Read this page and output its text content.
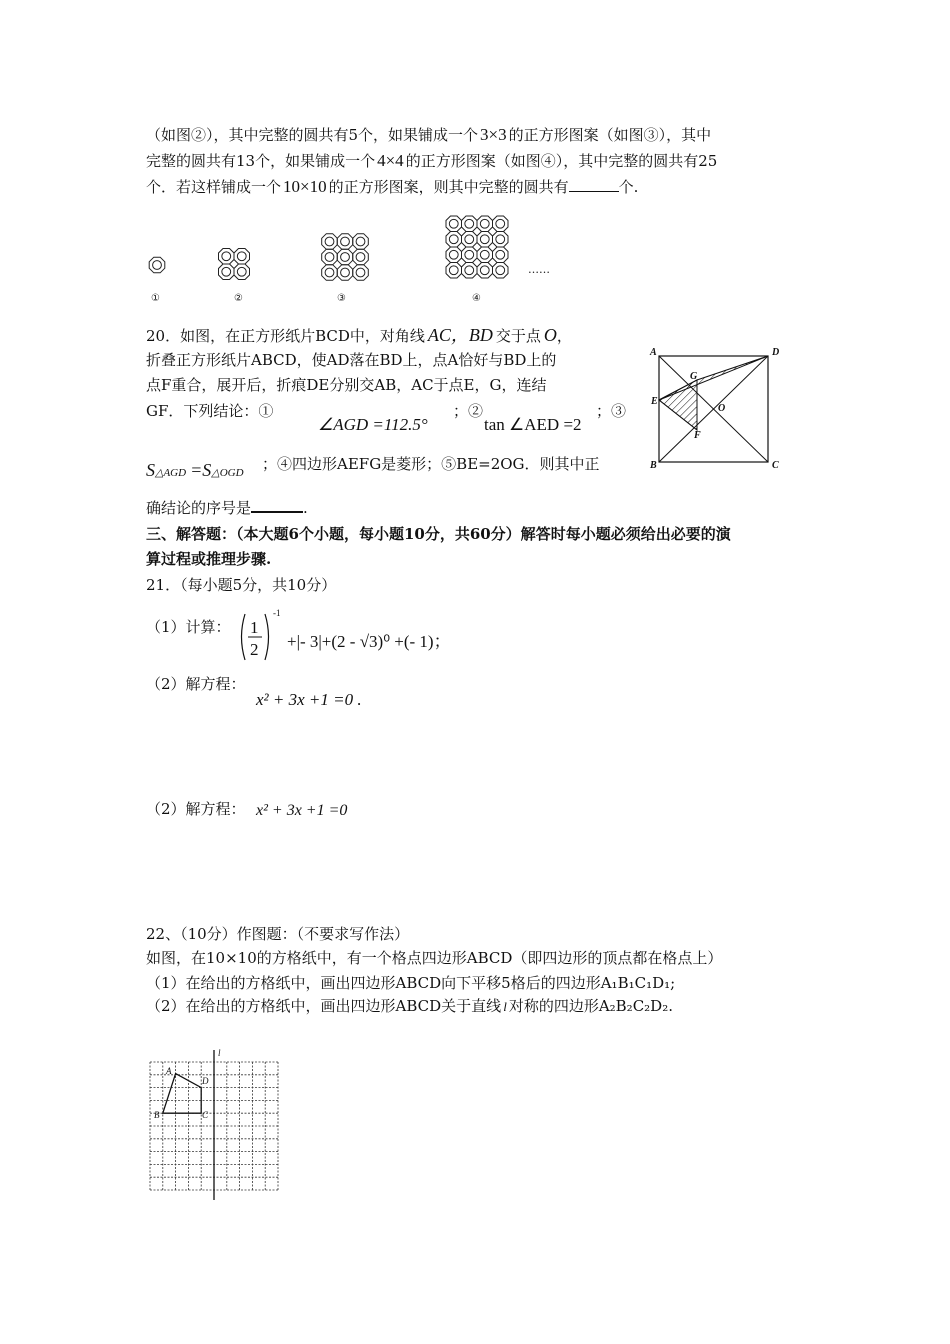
（如图②），其中完整的圆共有5个，如果铺成一个 3×3 的正方形图案（如图③），其中
完整的圆共有13个，如果铺成一个 4×4 的正方形图案（如图④），其中完整的圆共有25
个．若这样铺成一个 10×10 的正方形图案，则其中完整的圆共有	个.
……
①	②	③	④
20．如图，在正方形纸片BCD中，对角线 AC，BD 交于点 O，
折叠正方形纸片ABCD，使AD落在BD上，点A恰好与BD上的
点F重合，展开后，折痕DE分别交AB，AC于点E，G，连结
GF．下列结论：①
∠AGD =112.5°
；②
tan ∠AED =2
；③
S△AGD =S△OGD ；④四边形AEFG是菱形；⑤BE=2OG．则其中正
确结论的序号是	.
A	D
B	C
E
G
F
O
三、解答题：（本大题6个小题，每小题10分，共60分）解答时每小题必须给出必要的演
算过程或推理步骤.
21．（每小题5分，共10分）
（1）计算： 1
2
-1
+|- 3|+(2 - √3)⁰ +(- 1)；
（2）解方程：
x² + 3x +1 =0 .
（2）解方程： x² + 3x +1 =0
22、（10分）作图题：（不要求写作法）
如图，在10×10的方格纸中，有一个格点四边形ABCD（即四边形的顶点都在格点上）
（1）在给出的方格纸中，画出四边形ABCD向下平移5格后的四边形A₁B₁C₁D₁;
（2）在给出的方格纸中，画出四边形ABCD关于直线 l 对称的四边形A₂B₂C₂D₂.
A
D
B	C
l
